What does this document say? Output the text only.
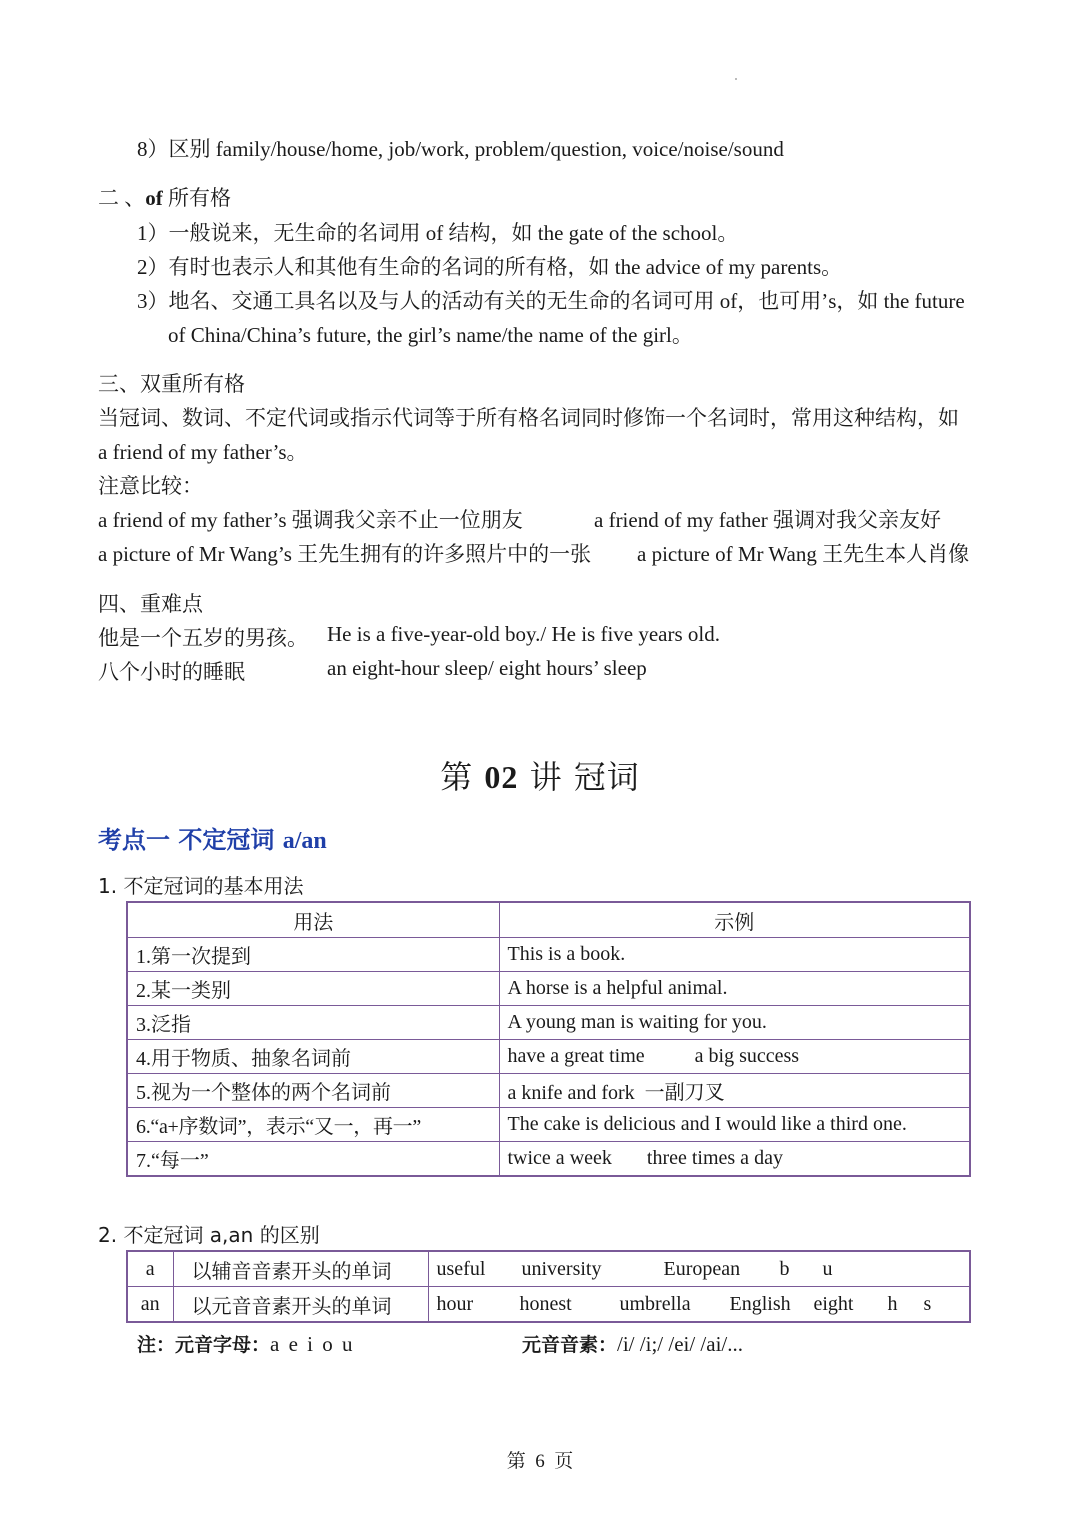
8）区别 family/house/home, job/work, problem/question, voice/noise/sound
二 、of 所有格
1）一般说来，无生命的名词用 of 结构，如 the gate of the school。
2）有时也表示人和其他有生命的名词的所有格，如 the advice of my parents。
3）地名、交通工具名以及与人的活动有关的无生命的名词可用 of，也可用’s，如 the future
of China/China’s future, the girl’s name/the name of the girl。
三、双重所有格
当冠词、数词、不定代词或指示代词等于所有格名词同时修饰一个名词时，常用这种结构，如
a friend of my father’s。
注意比较：
a friend of my father’s 强调我父亲不止一位朋友	a friend of my father 强调对我父亲友好
a picture of Mr Wang’s 王先生拥有的许多照片中的一张 a picture of Mr Wang 王先生本人肖像
四、重难点
他是一个五岁的男孩。 He is a five-year-old boy./ He is five years old.
八个小时的睡眠	an eight-hour sleep/ eight hours’ sleep
第 02 讲 冠词
考点一 不定冠词 a/an
1. 不定冠词的基本用法
用法	示例
1.第一次提到	This is a book.
2.某一类别	A horse is a helpful animal.
3.泛指	A young man is waiting for you.
4.用于物质、抽象名词前	have a great time          a big success
5.视为一个整体的两个名词前	a knife and fork  一副刀叉
6.“a+序数词”，表示“又一，再一”	The cake is delicious and I would like a third one.
7.“每一”	twice a week       three times a day
2. 不定冠词 a,an 的区别
a	以辅音音素开头的单词	useful university European b u
an	以元音音素开头的单词	hour honest umbrella English eight h s
注：元音字母：a e i o u	元音音素：/i/ /i;/ /ei/ /ai/...
第  6  页
